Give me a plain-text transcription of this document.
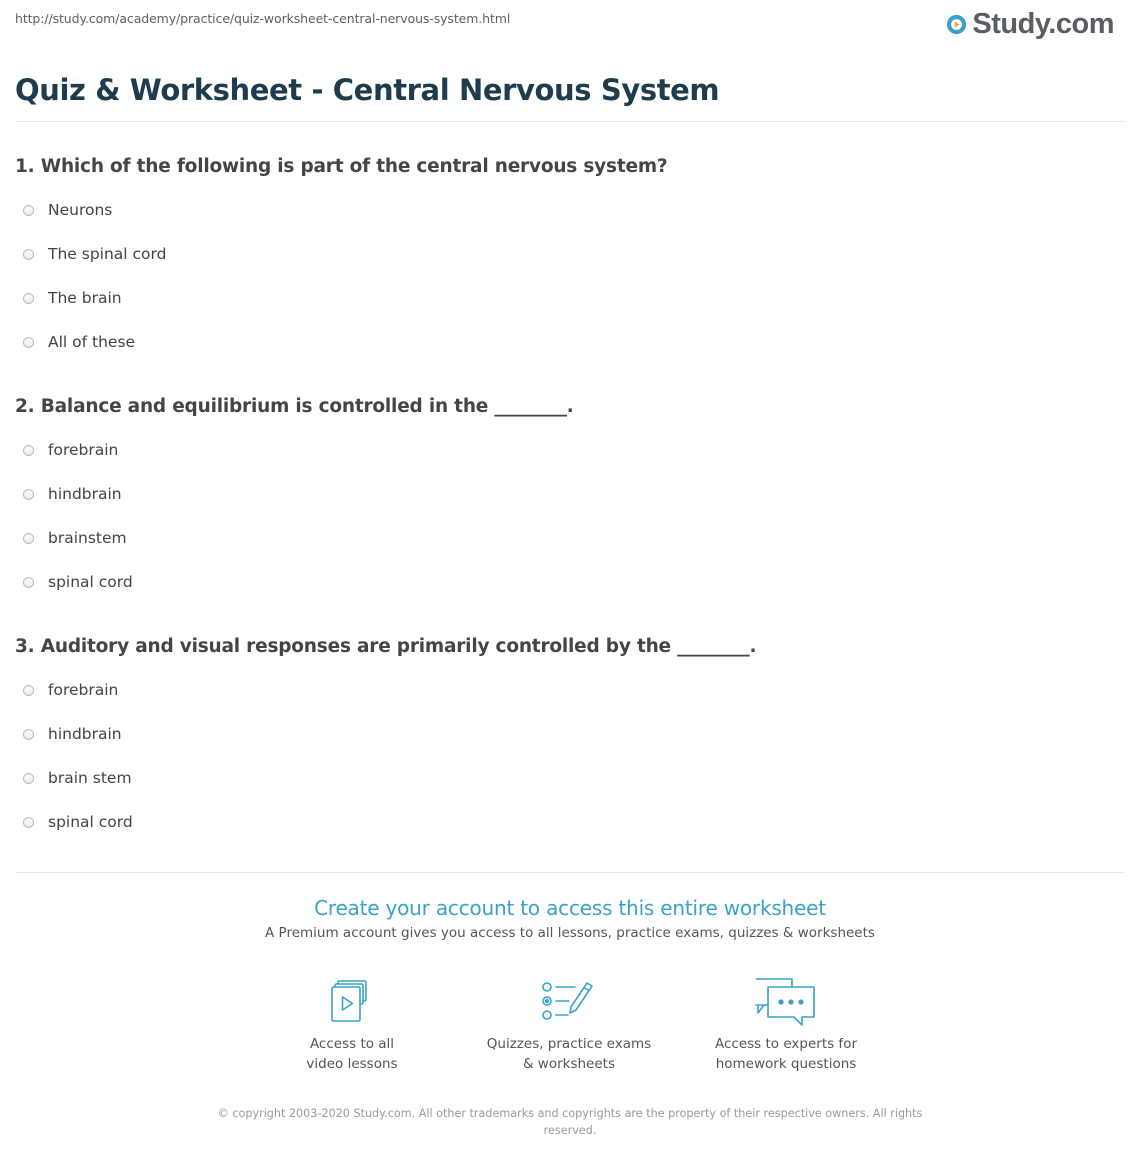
http://study.com/academy/practice/quiz-worksheet-central-nervous-system.html	Study.com
Quiz & Worksheet - Central Nervous System

1. Which of the following is part of the central nervous system?

Neurons
The spinal cord
The brain
All of these

2. Balance and equilibrium is controlled in the ________.

forebrain
hindbrain
brainstem
spinal cord

3. Auditory and visual responses are primarily controlled by the ________.

forebrain
hindbrain
brain stem
spinal cord
Create your account to access this entire worksheet

A Premium account gives you access to all lessons, practice exams, quizzes & worksheets

Access to all
video lessons
Quizzes, practice exams
& worksheets
Access to experts for
homework questions
© copyright 2003-2020 Study.com. All other trademarks and copyrights are the property of their respective owners. All rights reserved.
